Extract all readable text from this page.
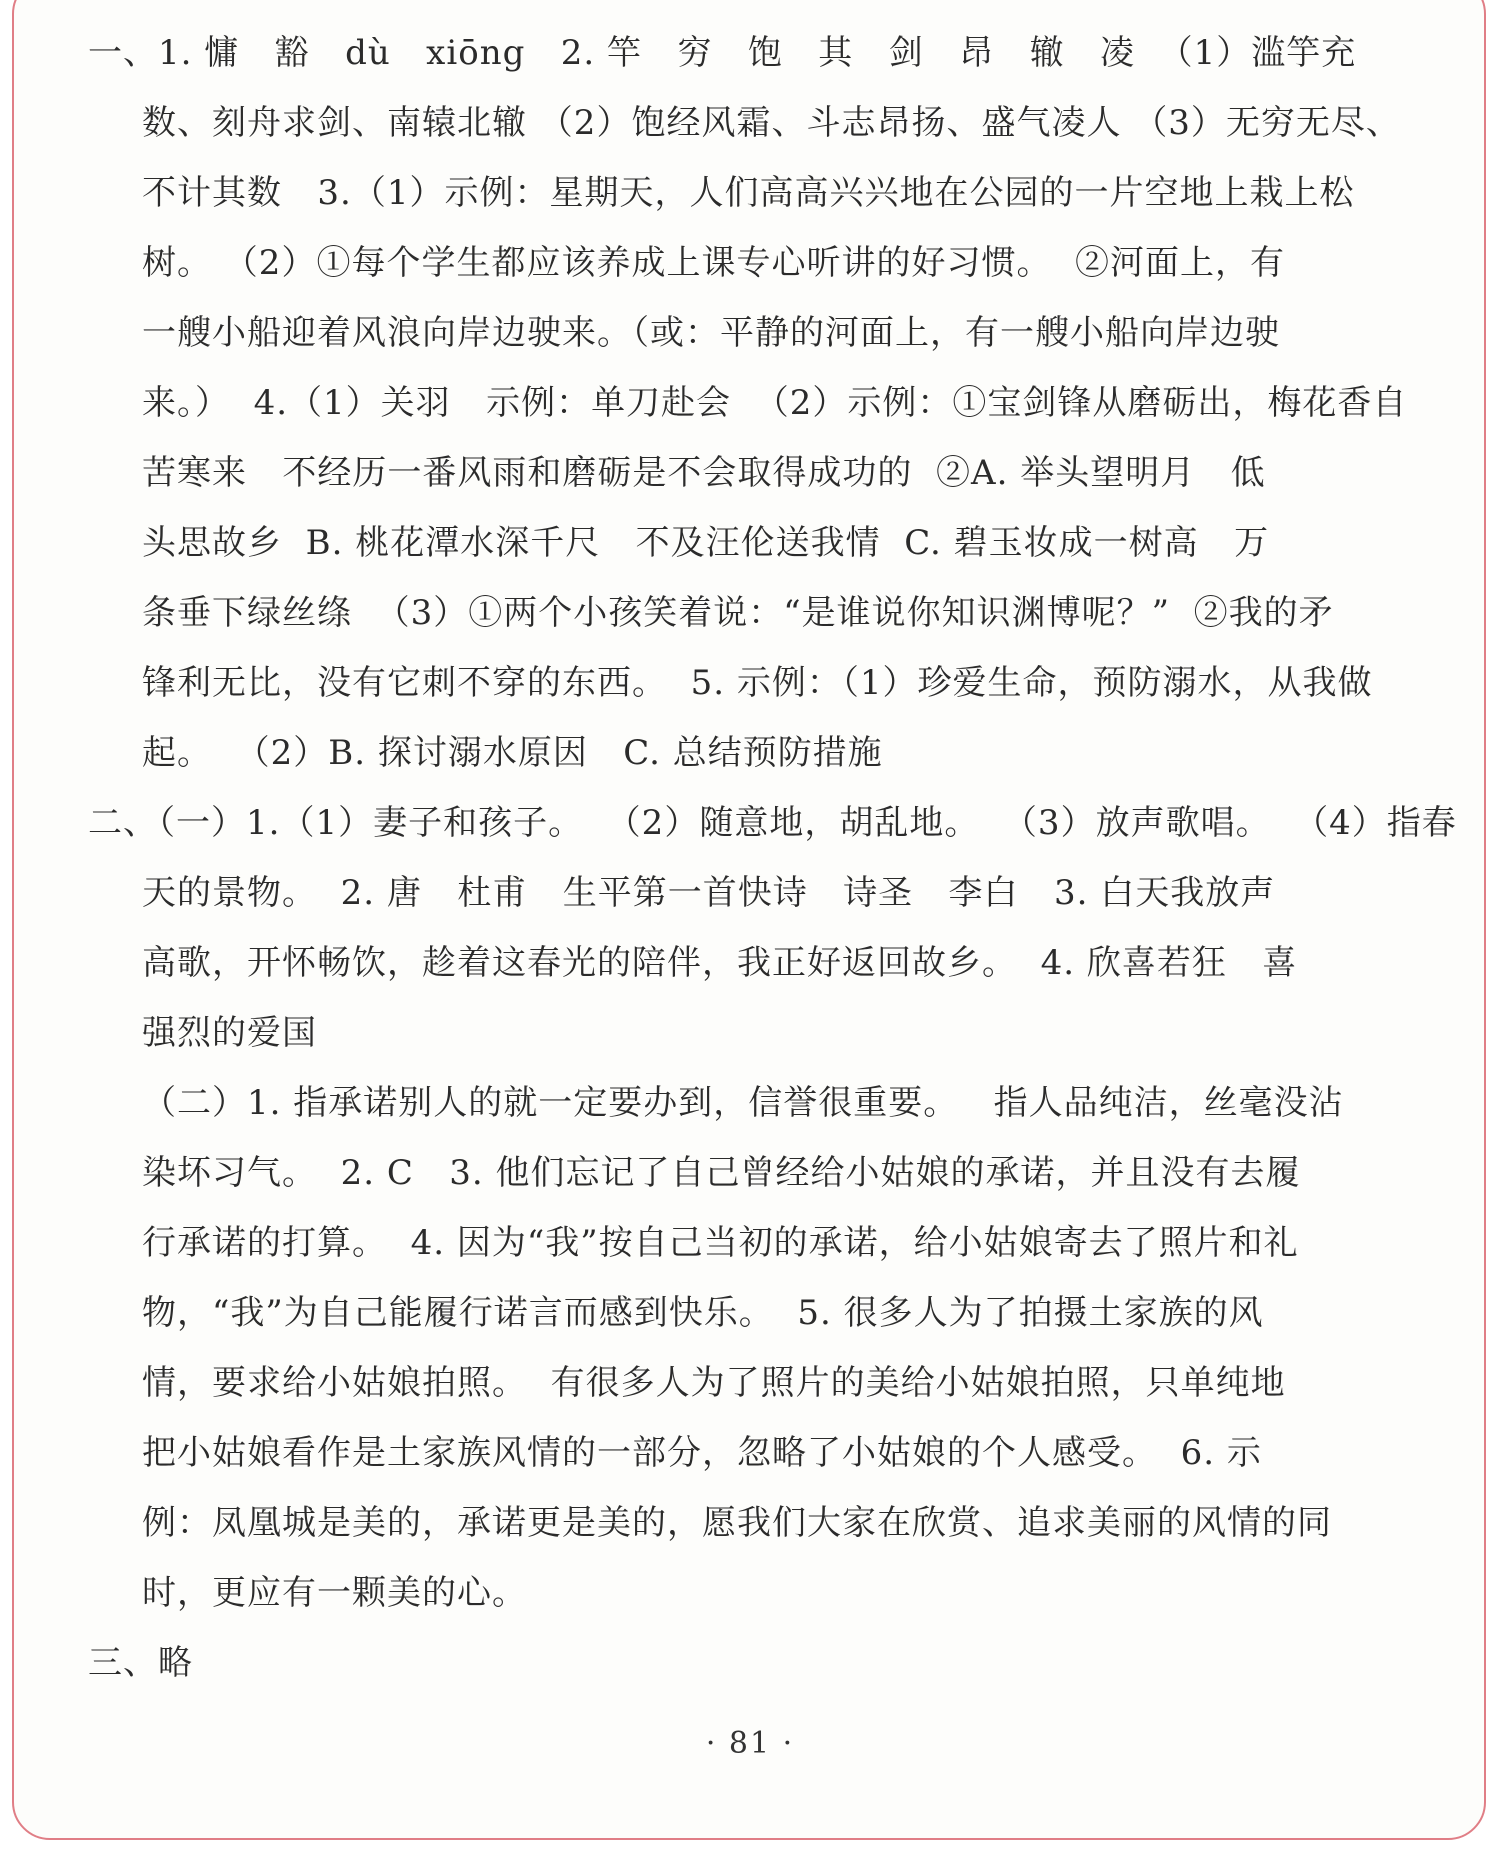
一、1. 慵   豁   dù   xiōng   2. 竿   穷   饱   其   剑   昂   辙   凌  （1）滥竽充
数、刻舟求剑、南辕北辙 （2）饱经风霜、斗志昂扬、盛气凌人 （3）无穷无尽、
不计其数   3.（1）示例：星期天，人们高高兴兴地在公园的一片空地上栽上松
树。 （2）①每个学生都应该养成上课专心听讲的好习惯。  ②河面上，有
一艘小船迎着风浪向岸边驶来。（或：平静的河面上，有一艘小船向岸边驶
来。）  4.（1）关羽   示例：单刀赴会  （2）示例：①宝剑锋从磨砺出，梅花香自
苦寒来   不经历一番风雨和磨砺是不会取得成功的  ②A. 举头望明月   低
头思故乡  B. 桃花潭水深千尺   不及汪伦送我情  C. 碧玉妆成一树高   万
条垂下绿丝绦  （3）①两个小孩笑着说：“是谁说你知识渊博呢？”  ②我的矛
锋利无比，没有它刺不穿的东西。  5. 示例：（1）珍爱生命，预防溺水，从我做
起。  （2）B. 探讨溺水原因   C. 总结预防措施
二、（一）1.（1）妻子和孩子。  （2）随意地，胡乱地。  （3）放声歌唱。  （4）指春
天的景物。  2. 唐   杜甫   生平第一首快诗   诗圣   李白   3. 白天我放声
高歌，开怀畅饮，趁着这春光的陪伴，我正好返回故乡。  4. 欣喜若狂   喜
强烈的爱国
（二）1. 指承诺别人的就一定要办到，信誉很重要。   指人品纯洁，丝毫没沾
染坏习气。  2. C   3. 他们忘记了自己曾经给小姑娘的承诺，并且没有去履
行承诺的打算。  4. 因为“我”按自己当初的承诺，给小姑娘寄去了照片和礼
物，“我”为自己能履行诺言而感到快乐。  5. 很多人为了拍摄土家族的风
情，要求给小姑娘拍照。  有很多人为了照片的美给小姑娘拍照，只单纯地
把小姑娘看作是土家族风情的一部分，忽略了小姑娘的个人感受。  6. 示
例：凤凰城是美的，承诺更是美的，愿我们大家在欣赏、追求美丽的风情的同
时，更应有一颗美的心。
三、略
· 81 ·
